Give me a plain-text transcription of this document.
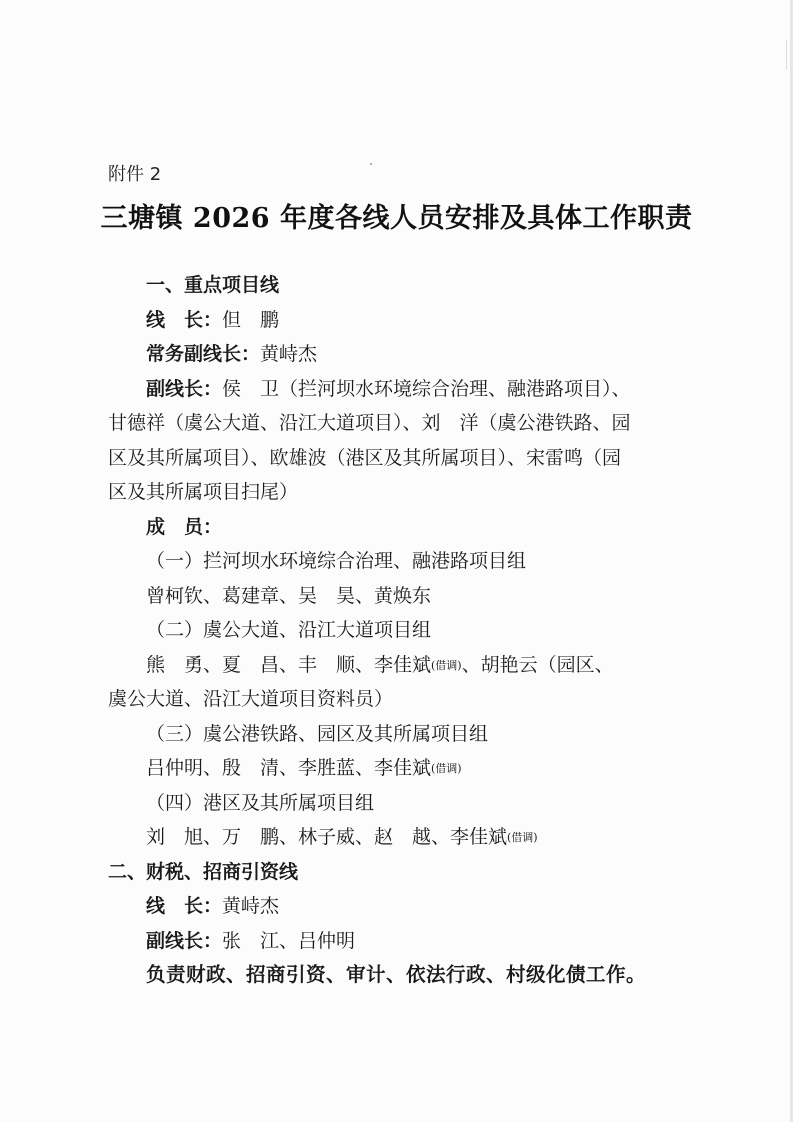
附件 2
三塘镇 2026 年度各线人员安排及具体工作职责
一、重点项目线
线　长：但　鹏
常务副线长：黄峙杰
副线长：侯　卫（拦河坝水环境综合治理、融港路项目）、
甘德祥（虞公大道、沿江大道项目）、刘　洋（虞公港铁路、园
区及其所属项目）、欧雄波（港区及其所属项目）、宋雷鸣（园
区及其所属项目扫尾）
成　员：
（一）拦河坝水环境综合治理、融港路项目组
曾柯钦、葛建章、吴　昊、黄焕东
（二）虞公大道、沿江大道项目组
熊　勇、夏　昌、丰　顺、李佳斌(借调)、胡艳云（园区、
虞公大道、沿江大道项目资料员）
（三）虞公港铁路、园区及其所属项目组
吕仲明、殷　清、李胜蓝、李佳斌(借调)
（四）港区及其所属项目组
刘　旭、万　鹏、林子威、赵　越、李佳斌(借调)
二、财税、招商引资线
线　长：黄峙杰
副线长：张　江、吕仲明
负责财政、招商引资、审计、依法行政、村级化债工作。
